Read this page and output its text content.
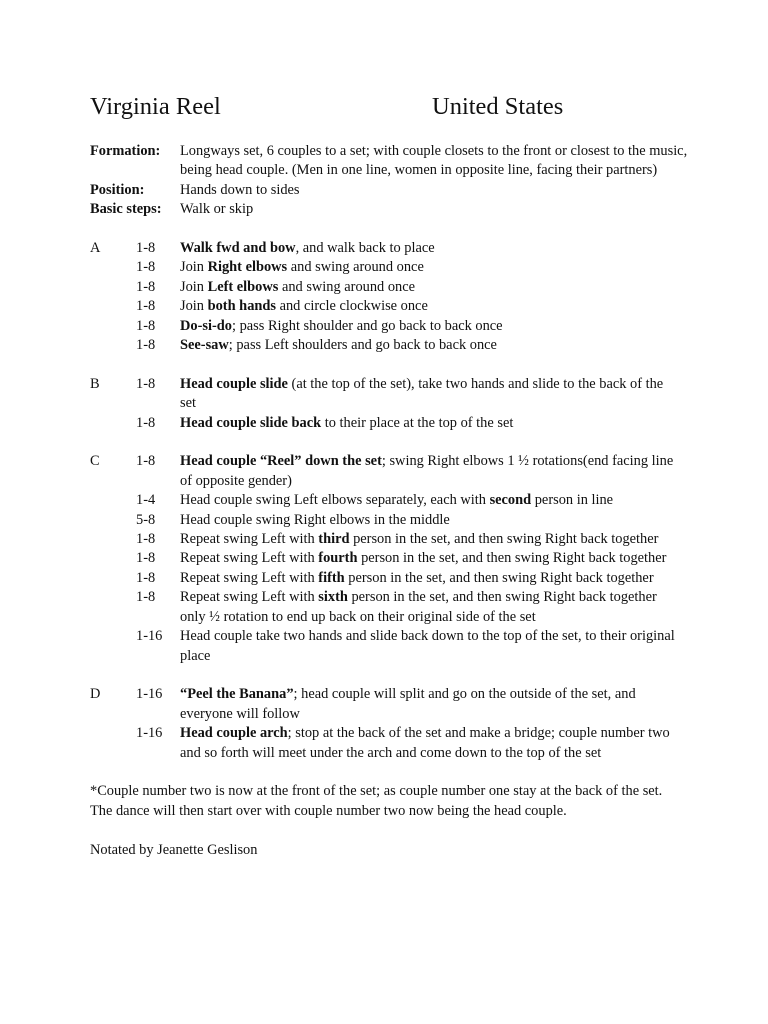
Virginia Reel	United States
Formation: Longways set, 6 couples to a set; with couple closets to the front or closest to the music, being head couple. (Men in one line, women in opposite line, facing their partners)
Position: Hands down to sides
Basic steps: Walk or skip
A 1-8 Walk fwd and bow, and walk back to place
1-8 Join Right elbows and swing around once
1-8 Join Left elbows and swing around once
1-8 Join both hands and circle clockwise once
1-8 Do-si-do; pass Right shoulder and go back to back once
1-8 See-saw; pass Left shoulders and go back to back once
B	1-8 Head couple slide (at the top of the set), take two hands and slide to the back of the set
1-8 Head couple slide back to their place at the top of the set
C	1-8 Head couple “Reel” down the set; swing Right elbows 1 ½ rotations(end facing line of opposite gender)
1-4 Head couple swing Left elbows separately, each with second person in line
5-8 Head couple swing Right elbows in the middle
1-8 Repeat swing Left with third person in the set, and then swing Right back together
1-8 Repeat swing Left with fourth person in the set, and then swing Right back together
1-8 Repeat swing Left with fifth person in the set, and then swing Right back together
1-8 Repeat swing Left with sixth person in the set, and then swing Right back together only ½ rotation to end up back on their original side of the set
1-16 Head couple take two hands and slide back down to the top of the set, to their original place
D 1-16 “Peel the Banana”; head couple will split and go on the outside of the set, and everyone will follow
1-16 Head couple arch; stop at the back of the set and make a bridge; couple number two and so forth will meet under the arch and come down to the top of the set
*Couple number two is now at the front of the set; as couple number one stay at the back of the set. The dance will then start over with couple number two now being the head couple.
Notated by Jeanette Geslison
